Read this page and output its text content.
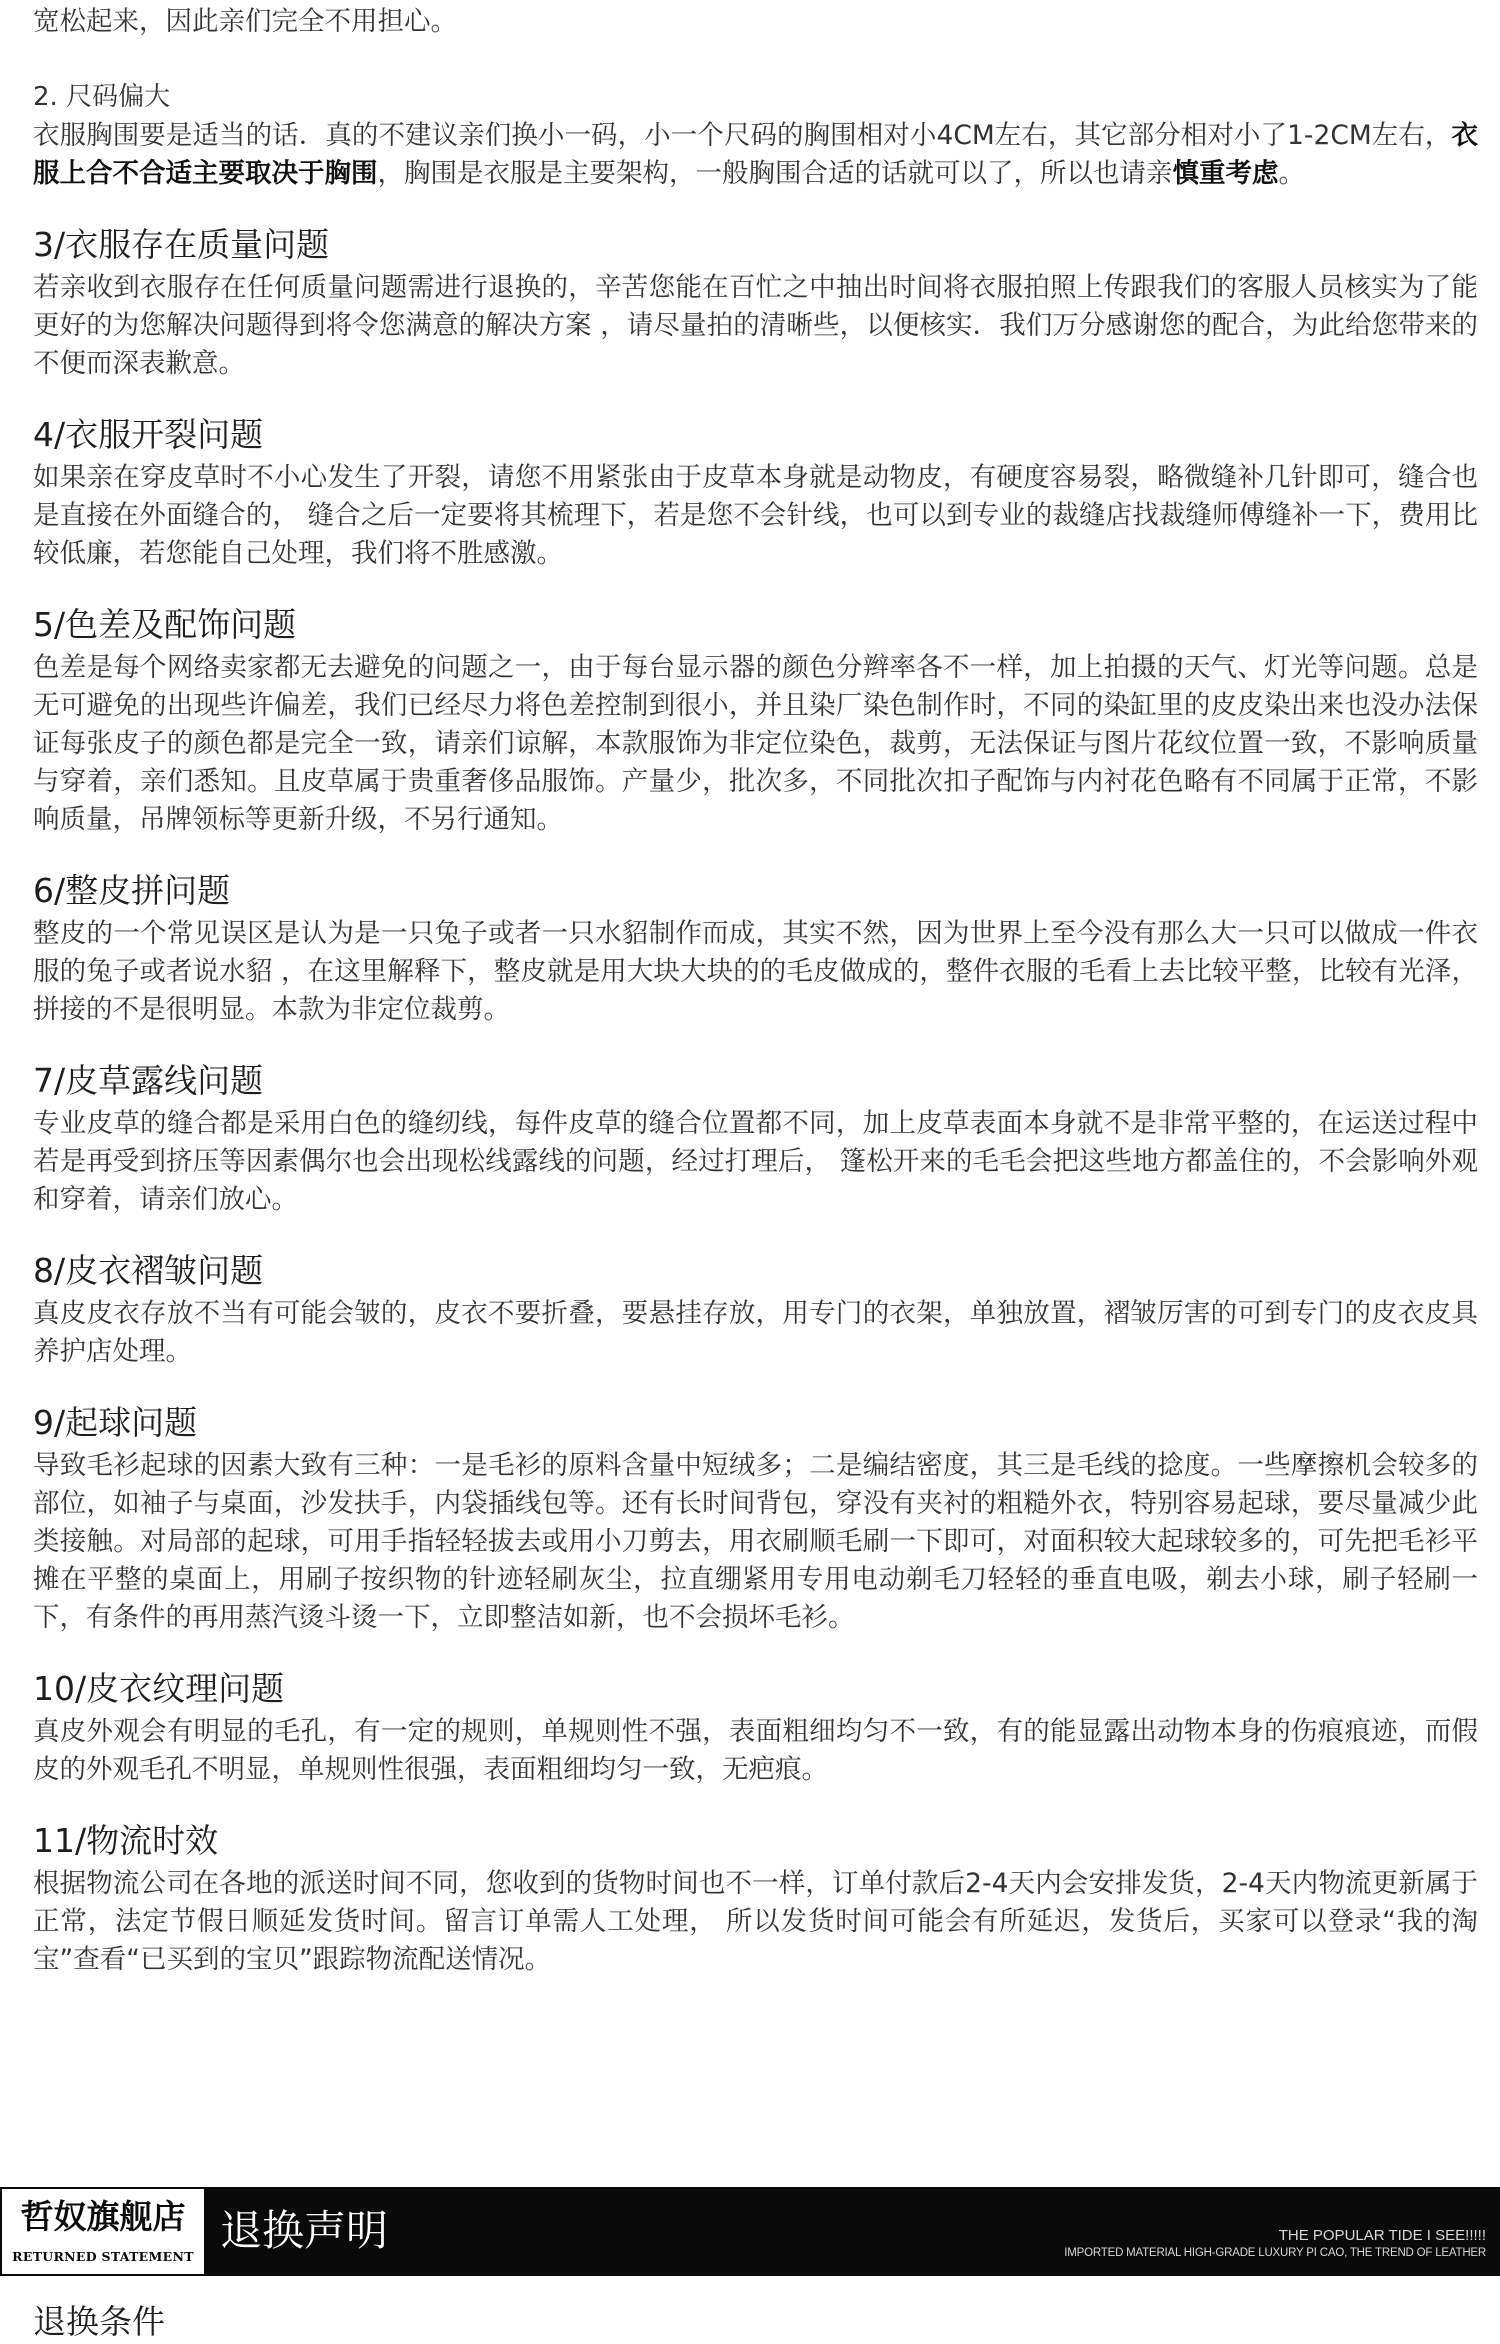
宽松起来，因此亲们完全不用担心。

2. 尺码偏大

衣服胸围要是适当的话．真的不建议亲们换小一码，小一个尺码的胸围相对小4CM左右，其它部分相对小了1-2CM左右，衣服上合不合适主要取决于胸围，胸围是衣服是主要架构，一般胸围合适的话就可以了，所以也请亲慎重考虑。

3/衣服存在质量问题

若亲收到衣服存在任何质量问题需进行退换的，辛苦您能在百忙之中抽出时间将衣服拍照上传跟我们的客服人员核实为了能更好的为您解决问题得到将令您满意的解决方案 ，请尽量拍的清晰些，以便核实．我们万分感谢您的配合，为此给您带来的不便而深表歉意。

4/衣服开裂问题

如果亲在穿皮草时不小心发生了开裂，请您不用紧张由于皮草本身就是动物皮，有硬度容易裂，略微缝补几针即可，缝合也是直接在外面缝合的， 缝合之后一定要将其梳理下，若是您不会针线，也可以到专业的裁缝店找裁缝师傅缝补一下，费用比较低廉，若您能自己处理，我们将不胜感激。

5/色差及配饰问题

色差是每个网络卖家都无去避免的问题之一，由于每台显示器的颜色分辫率各不一样，加上拍摄的天气、灯光等问题。总是无可避免的出现些许偏差，我们已经尽力将色差控制到很小，并且染厂染色制作时，不同的染缸里的皮皮染出来也没办法保证每张皮子的颜色都是完全一致，请亲们谅解，本款服饰为非定位染色，裁剪，无法保证与图片花纹位置一致，不影响质量与穿着，亲们悉知。且皮草属于贵重奢侈品服饰。产量少，批次多，不同批次扣子配饰与内衬花色略有不同属于正常，不影响质量，吊牌领标等更新升级，不另行通知。

6/整皮拼问题

整皮的一个常见误区是认为是一只兔子或者一只水貂制作而成，其实不然，因为世界上至今没有那么大一只可以做成一件衣服的兔子或者说水貂 ，在这里解释下，整皮就是用大块大块的的毛皮做成的，整件衣服的毛看上去比较平整，比较有光泽，拼接的不是很明显。本款为非定位裁剪。

7/皮草露线问题

专业皮草的缝合都是采用白色的缝纫线，每件皮草的缝合位置都不同，加上皮草表面本身就不是非常平整的，在运送过程中若是再受到挤压等因素偶尔也会出现松线露线的问题，经过打理后， 篷松开来的毛毛会把这些地方都盖住的，不会影响外观和穿着，请亲们放心。

8/皮衣褶皱问题

真皮皮衣存放不当有可能会皱的，皮衣不要折叠，要悬挂存放，用专门的衣架，单独放置，褶皱厉害的可到专门的皮衣皮具养护店处理。

9/起球问题

导致毛衫起球的因素大致有三种：一是毛衫的原料含量中短绒多；二是编结密度，其三是毛线的捻度。一些摩擦机会较多的部位，如袖子与桌面，沙发扶手，内袋插线包等。还有长时间背包，穿没有夹衬的粗糙外衣，特别容易起球，要尽量减少此类接触。对局部的起球，可用手指轻轻拔去或用小刀剪去，用衣刷顺毛刷一下即可，对面积较大起球较多的，可先把毛衫平摊在平整的桌面上，用刷子按织物的针迹轻刷灰尘，拉直绷紧用专用电动剃毛刀轻轻的垂直电吸，剃去小球，刷子轻刷一下，有条件的再用蒸汽烫斗烫一下，立即整洁如新，也不会损坏毛衫。

10/皮衣纹理问题

真皮外观会有明显的毛孔，有一定的规则，单规则性不强，表面粗细均匀不一致，有的能显露出动物本身的伤痕痕迹，而假皮的外观毛孔不明显，单规则性很强，表面粗细均匀一致，无疤痕。

11/物流时效

根据物流公司在各地的派送时间不同，您收到的货物时间也不一样，订单付款后2-4天内会安排发货，2-4天内物流更新属于正常，法定节假日顺延发货时间。留言订单需人工处理， 所以发货时间可能会有所延迟，发货后，买家可以登录“我的淘宝”查看“已买到的宝贝”跟踪物流配送情况。

哲奴旗舰店
RETURNED STATEMENT
退换声明	THE POPULAR TIDE I SEE!!!!!
IMPORTED MATERIAL HIGH-GRADE LUXURY PI CAO, THE TREND OF LEATHER
退换条件
